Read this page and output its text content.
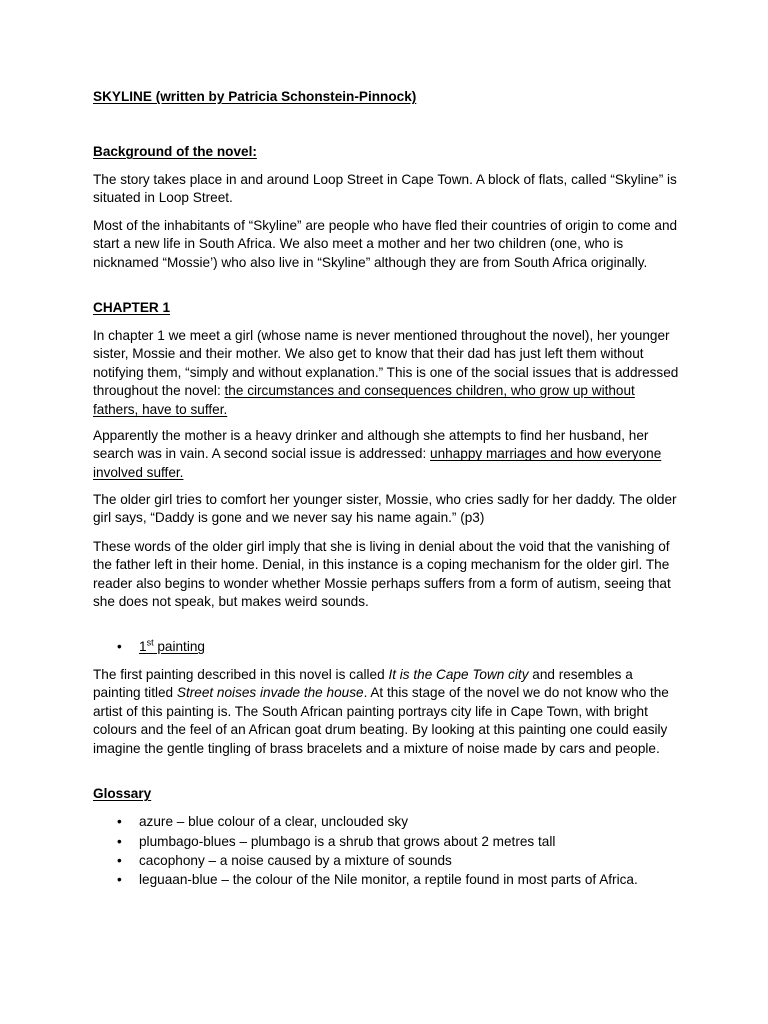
SKYLINE (written by Patricia Schonstein-Pinnock)
Background of the novel:
The story takes place in and around Loop Street in Cape Town. A block of flats, called “Skyline” is situated in Loop Street.
Most of the inhabitants of “Skyline” are people who have fled their countries of origin to come and start a new life in South Africa. We also meet a mother and her two children (one, who is nicknamed “Mossie’) who also live in “Skyline” although they are from South Africa originally.
CHAPTER 1
In chapter 1 we meet a girl (whose name is never mentioned throughout the novel), her younger sister, Mossie and their mother. We also get to know that their dad has just left them without notifying them, “simply and without explanation.” This is one of the social issues that is addressed throughout the novel: the circumstances and consequences children, who grow up without fathers, have to suffer.
Apparently the mother is a heavy drinker and although she attempts to find her husband, her search was in vain. A second social issue is addressed: unhappy marriages and how everyone involved suffer.
The older girl tries to comfort her younger sister, Mossie, who cries sadly for her daddy. The older girl says, “Daddy is gone and we never say his name again.” (p3)
These words of the older girl imply that she is living in denial about the void that the vanishing of the father left in their home. Denial, in this instance is a coping mechanism for the older girl. The reader also begins to wonder whether Mossie perhaps suffers from a form of autism, seeing that she does not speak, but makes weird sounds.
• 1st painting
The first painting described in this novel is called It is the Cape Town city and resembles a painting titled Street noises invade the house. At this stage of the novel we do not know who the artist of this painting is. The South African painting portrays city life in Cape Town, with bright colours and the feel of an African goat drum beating. By looking at this painting one could easily imagine the gentle tingling of brass bracelets and a mixture of noise made by cars and people.
Glossary
• azure – blue colour of a clear, unclouded sky
• plumbago-blues – plumbago is a shrub that grows about 2 metres tall
• cacophony – a noise caused by a mixture of sounds
• leguaan-blue – the colour of the Nile monitor, a reptile found in most parts of Africa.
